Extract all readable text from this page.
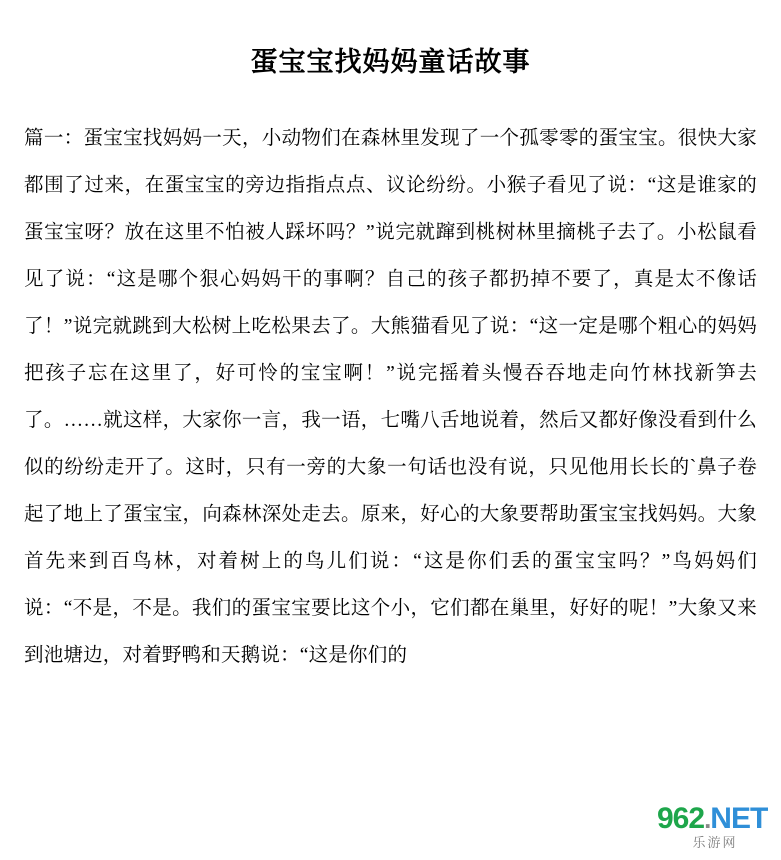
蛋宝宝找妈妈童话故事

篇一：蛋宝宝找妈妈一天，小动物们在森林里发现了一个孤零零的蛋宝宝。很快大家都围了过来，在蛋宝宝的旁边指指点点、议论纷纷。小猴子看见了说：“这是谁家的蛋宝宝呀？放在这里不怕被人踩坏吗？”说完就蹿到桃树林里摘桃子去了。小松鼠看见了说：“这是哪个狠心妈妈干的事啊？自己的孩子都扔掉不要了，真是太不像话了！”说完就跳到大松树上吃松果去了。大熊猫看见了说：“这一定是哪个粗心的妈妈把孩子忘在这里了，好可怜的宝宝啊！”说完摇着头慢吞吞地走向竹林找新笋去了。……就这样，大家你一言，我一语，七嘴八舌地说着，然后又都好像没看到什么似的纷纷走开了。这时，只有一旁的大象一句话也没有说，只见他用长长的`鼻子卷起了地上了蛋宝宝，向森林深处走去。原来，好心的大象要帮助蛋宝宝找妈妈。大象首先来到百鸟林，对着树上的鸟儿们说：“这是你们丢的蛋宝宝吗？”鸟妈妈们说：“不是，不是。我们的蛋宝宝要比这个小，它们都在巢里，好好的呢！”大象又来到池塘边，对着野鸭和天鹅说：“这是你们的

962.NET
乐游网
